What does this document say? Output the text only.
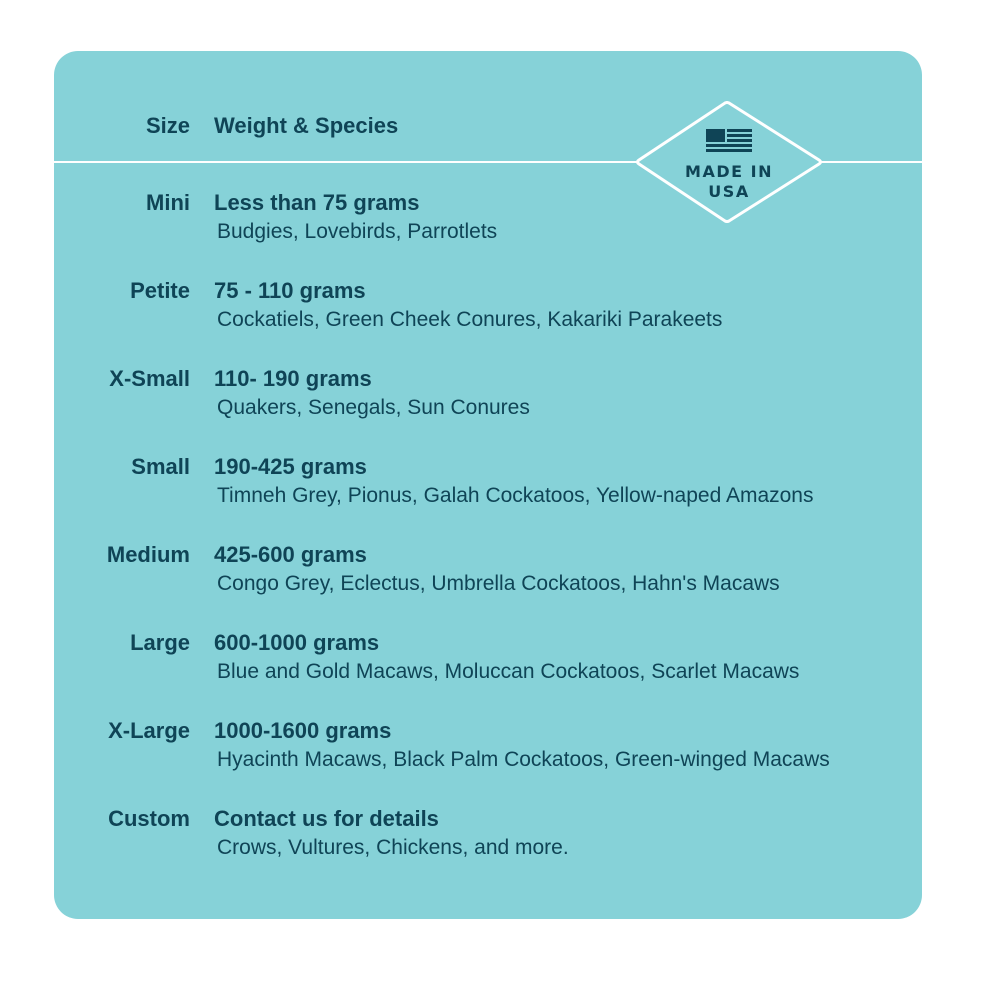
Size Weight & Species
MADE IN
USA
Mini Less than 75 grams
Budgies, Lovebirds, Parrotlets
Petite 75 - 110 grams
Cockatiels, Green Cheek Conures, Kakariki Parakeets
X-Small 110- 190 grams
Quakers, Senegals, Sun Conures
Small 190-425 grams
Timneh Grey, Pionus, Galah Cockatoos, Yellow-naped Amazons
Medium 425-600 grams
Congo Grey, Eclectus, Umbrella Cockatoos, Hahn's Macaws
Large 600-1000 grams
Blue and Gold Macaws, Moluccan Cockatoos, Scarlet Macaws
X-Large 1000-1600 grams
Hyacinth Macaws, Black Palm Cockatoos, Green-winged Macaws
Custom Contact us for details
Crows, Vultures, Chickens, and more.
